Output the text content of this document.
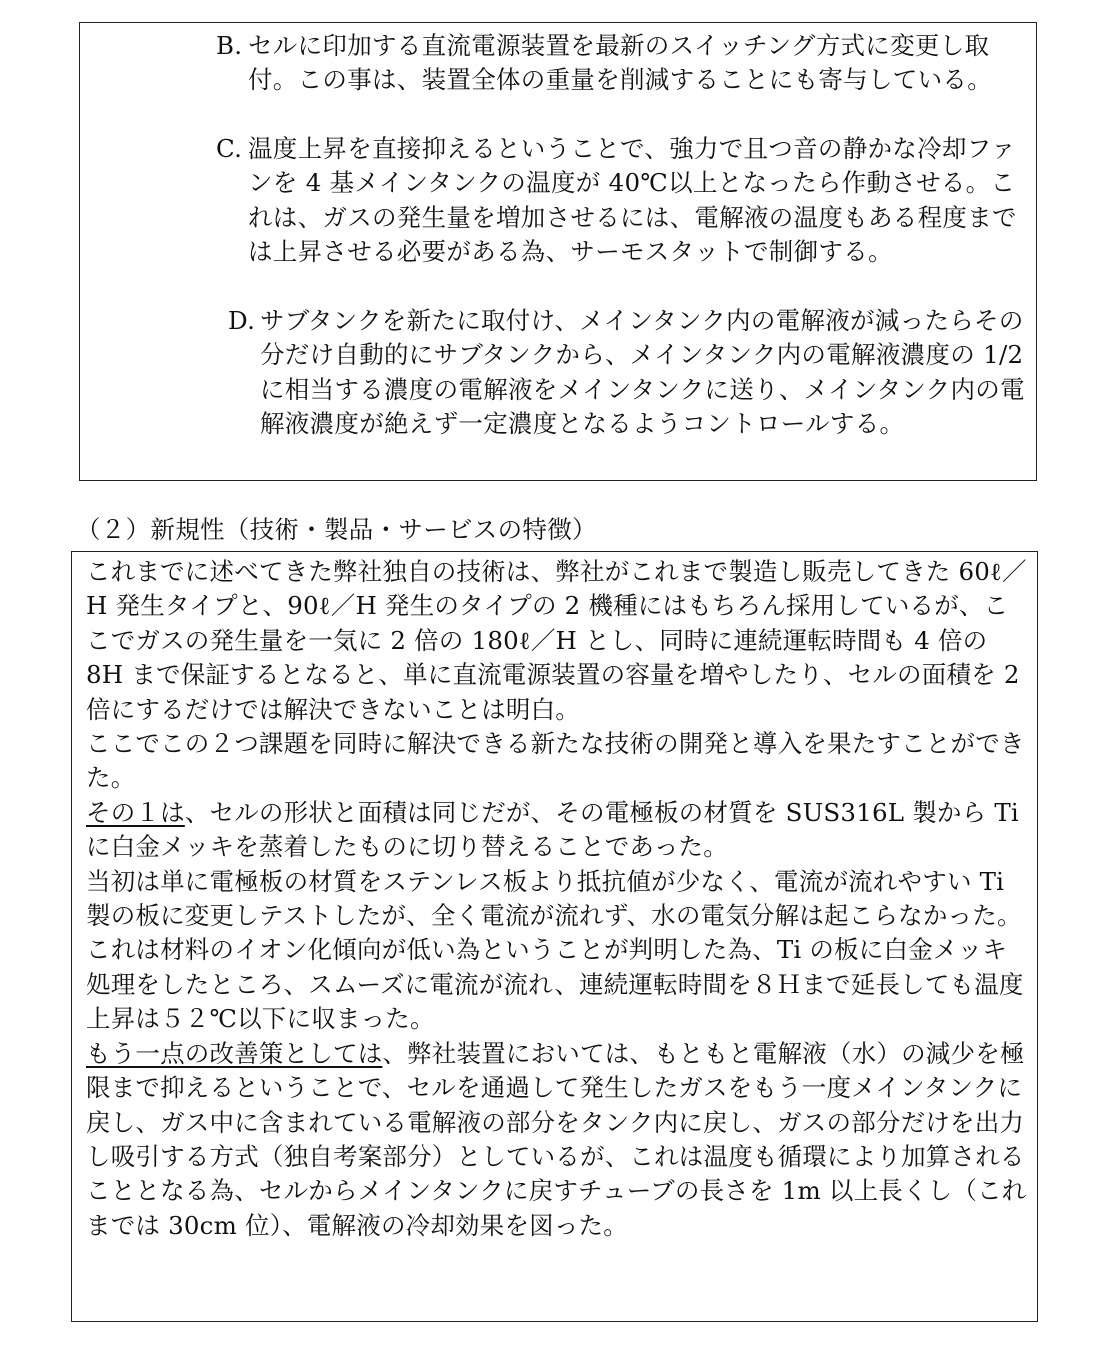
B. セルに印加する直流電源装置を最新のスイッチング方式に変更し取付。この事は、装置全体の重量を削減することにも寄与している。
C. 温度上昇を直接抑えるということで、強力で且つ音の静かな冷却ファンを 4 基メインタンクの温度が 40℃以上となったら作動させる。これは、ガスの発生量を増加させるには、電解液の温度もある程度までは上昇させる必要がある為、サーモスタットで制御する。
D. サブタンクを新たに取付け、メインタンク内の電解液が減ったらその分だけ自動的にサブタンクから、メインタンク内の電解液濃度の 1/2 に相当する濃度の電解液をメインタンクに送り、メインタンク内の電解液濃度が絶えず一定濃度となるようコントロールする。
（２）新規性（技術・製品・サービスの特徴）

これまでに述べてきた弊社独自の技術は、弊社がこれまで製造し販売してきた 60ℓ／H 発生タイプと、90ℓ／H 発生のタイプの 2 機種にはもちろん採用しているが、ここでガスの発生量を一気に 2 倍の 180ℓ／H とし、同時に連続運転時間も 4 倍の 8H まで保証するとなると、単に直流電源装置の容量を増やしたり、セルの面積を 2 倍にするだけでは解決できないことは明白。

ここでこの２つ課題を同時に解決できる新たな技術の開発と導入を果たすことができた。

その１は、セルの形状と面積は同じだが、その電極板の材質を SUS316L 製から Ti に白金メッキを蒸着したものに切り替えることであった。

当初は単に電極板の材質をステンレス板より抵抗値が少なく、電流が流れやすい Ti 製の板に変更しテストしたが、全く電流が流れず、水の電気分解は起こらなかった。これは材料のイオン化傾向が低い為ということが判明した為、Ti の板に白金メッキ処理をしたところ、スムーズに電流が流れ、連続運転時間を８Ｈまで延長しても温度上昇は５２℃以下に収まった。

もう一点の改善策としては、弊社装置においては、もともと電解液（水）の減少を極限まで抑えるということで、セルを通過して発生したガスをもう一度メインタンクに戻し、ガス中に含まれている電解液の部分をタンク内に戻し、ガスの部分だけを出力し吸引する方式（独自考案部分）としているが、これは温度も循環により加算されることとなる為、セルからメインタンクに戻すチューブの長さを 1m 以上長くし（これまでは 30cm 位）、電解液の冷却効果を図った。
